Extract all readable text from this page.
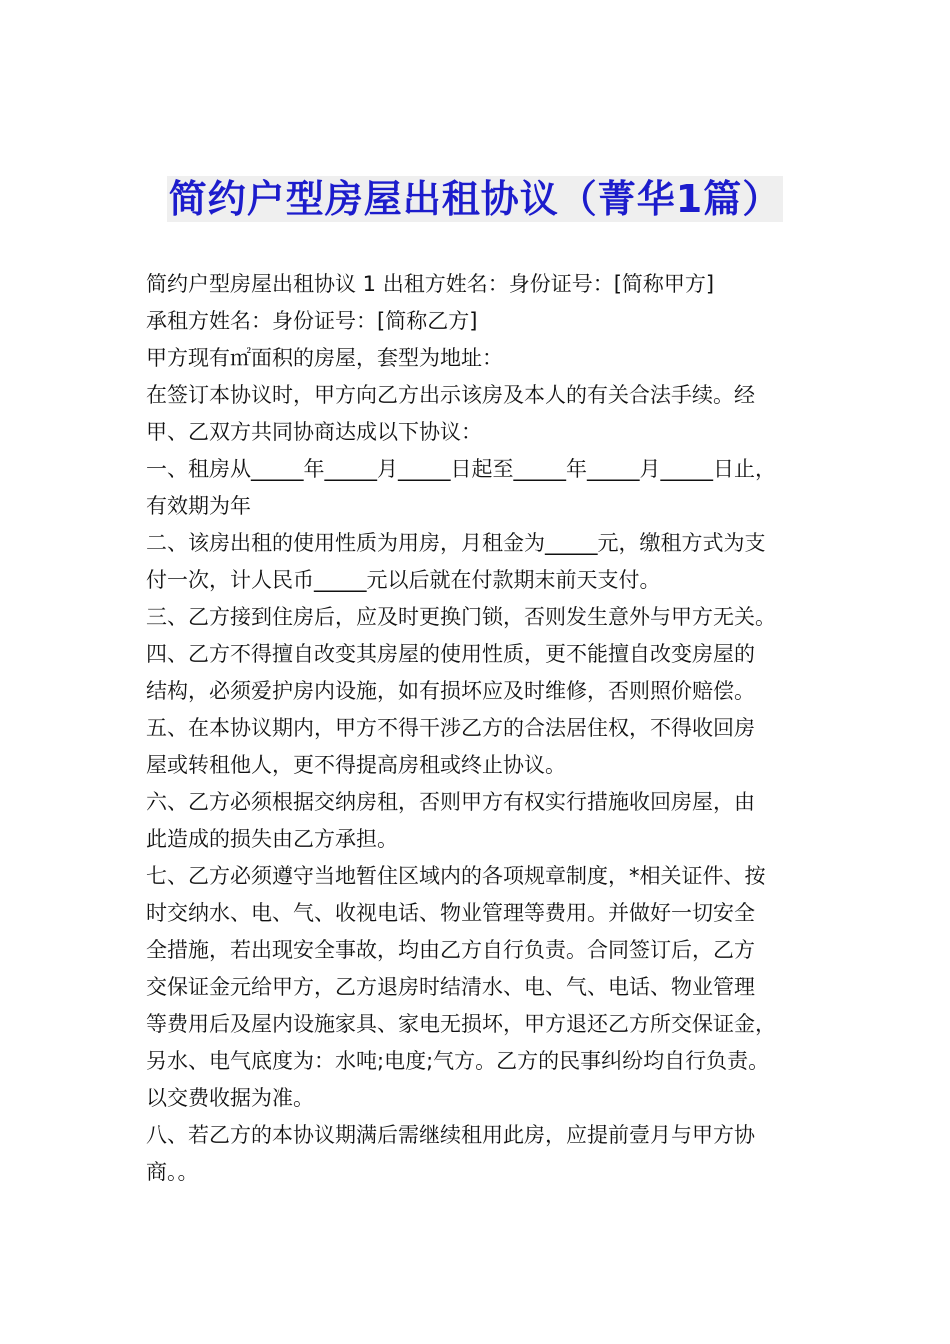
简约户型房屋出租协议（菁华1篇）
简约户型房屋出租协议 1 出租方姓名：身份证号：[简称甲方]
承租方姓名：身份证号：[简称乙方]
甲方现有㎡面积的房屋，套型为地址：
在签订本协议时，甲方向乙方出示该房及本人的有关合法手续。经
甲、乙双方共同协商达成以下协议：
一、租房从_____年_____月_____日起至_____年_____月_____日止，
有效期为年
二、该房出租的使用性质为用房，月租金为_____元，缴租方式为支
付一次，计人民币_____元以后就在付款期末前天支付。
三、乙方接到住房后，应及时更换门锁，否则发生意外与甲方无关。
四、乙方不得擅自改变其房屋的使用性质，更不能擅自改变房屋的
结构，必须爱护房内设施，如有损坏应及时维修，否则照价赔偿。
五、在本协议期内，甲方不得干涉乙方的合法居住权，不得收回房
屋或转租他人，更不得提高房租或终止协议。
六、乙方必须根据交纳房租，否则甲方有权实行措施收回房屋，由
此造成的损失由乙方承担。
七、乙方必须遵守当地暂住区域内的各项规章制度，*相关证件、按
时交纳水、电、气、收视电话、物业管理等费用。并做好一切安全
全措施，若出现安全事故，均由乙方自行负责。合同签订后，乙方
交保证金元给甲方，乙方退房时结清水、电、气、电话、物业管理
等费用后及屋内设施家具、家电无损坏，甲方退还乙方所交保证金，
另水、电气底度为：水吨;电度;气方。乙方的民事纠纷均自行负责。
以交费收据为准。
八、若乙方的本协议期满后需继续租用此房，应提前壹月与甲方协
商。。
